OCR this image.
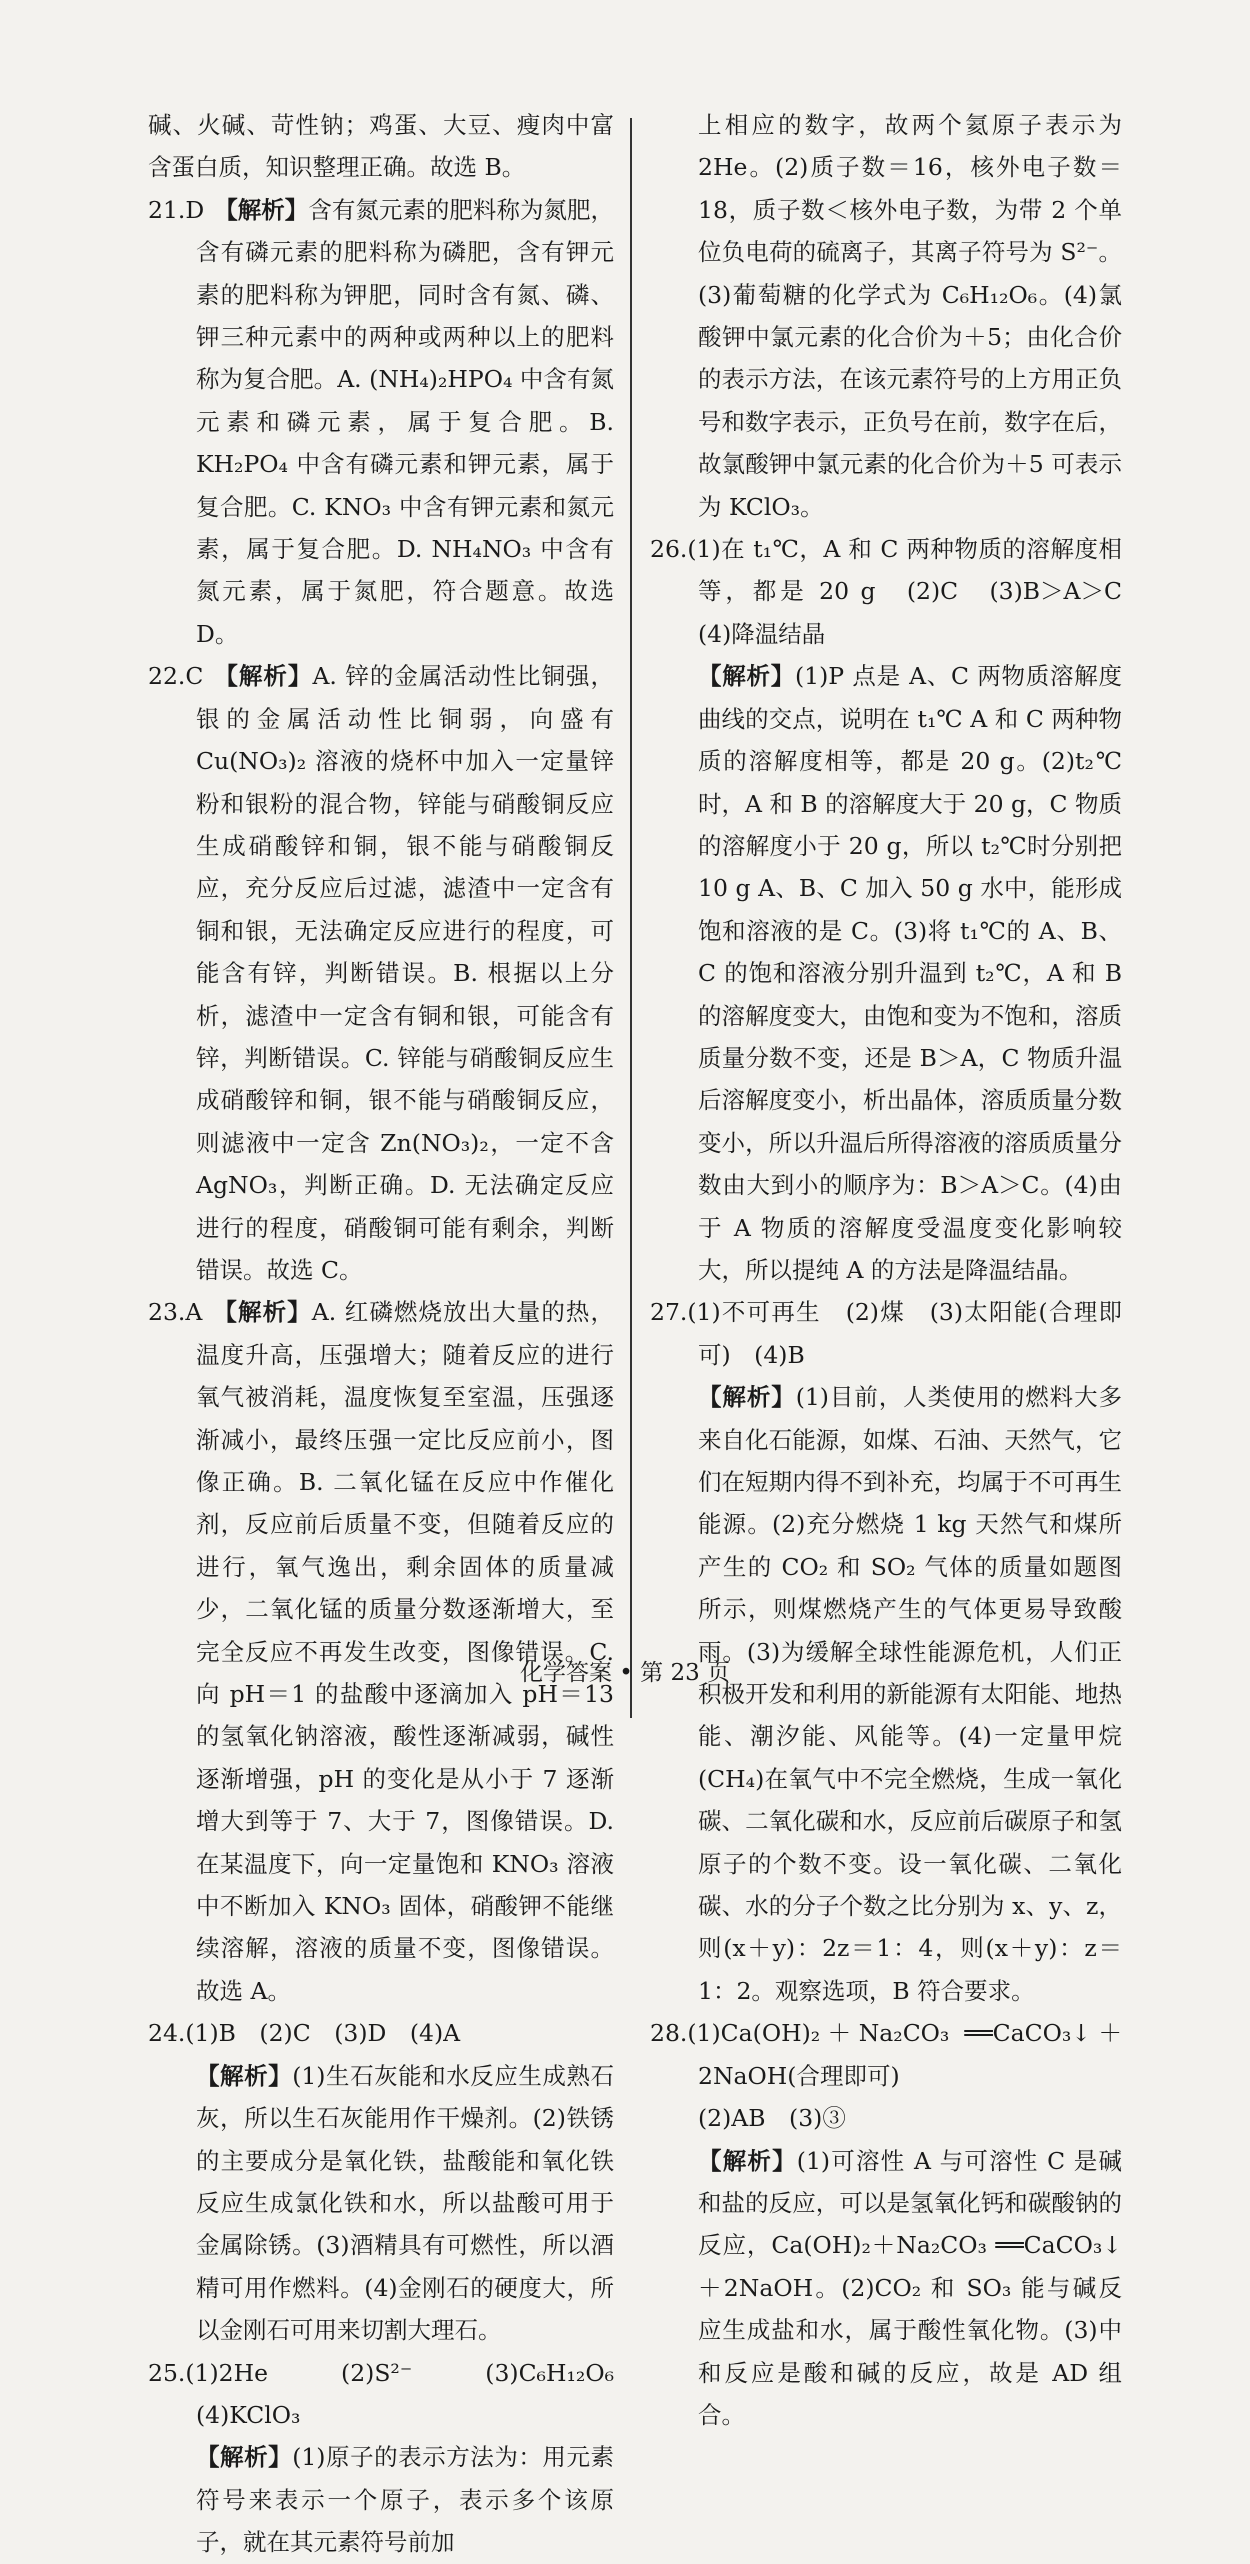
碱、火碱、苛性钠；鸡蛋、大豆、瘦肉中富含蛋白质，知识整理正确。故选 B。

21.D 【解析】含有氮元素的肥料称为氮肥，含有磷元素的肥料称为磷肥，含有钾元素的肥料称为钾肥，同时含有氮、磷、钾三种元素中的两种或两种以上的肥料称为复合肥。A. (NH₄)₂HPO₄ 中含有氮元素和磷元素，属于复合肥。B. KH₂PO₄ 中含有磷元素和钾元素，属于复合肥。C. KNO₃ 中含有钾元素和氮元素，属于复合肥。D. NH₄NO₃ 中含有氮元素，属于氮肥，符合题意。故选 D。
22.C 【解析】A. 锌的金属活动性比铜强，银的金属活动性比铜弱，向盛有 Cu(NO₃)₂ 溶液的烧杯中加入一定量锌粉和银粉的混合物，锌能与硝酸铜反应生成硝酸锌和铜，银不能与硝酸铜反应，充分反应后过滤，滤渣中一定含有铜和银，无法确定反应进行的程度，可能含有锌，判断错误。B. 根据以上分析，滤渣中一定含有铜和银，可能含有锌，判断错误。C. 锌能与硝酸铜反应生成硝酸锌和铜，银不能与硝酸铜反应，则滤液中一定含 Zn(NO₃)₂，一定不含 AgNO₃，判断正确。D. 无法确定反应进行的程度，硝酸铜可能有剩余，判断错误。故选 C。
23.A 【解析】A. 红磷燃烧放出大量的热，温度升高，压强增大；随着反应的进行氧气被消耗，温度恢复至室温，压强逐渐减小，最终压强一定比反应前小，图像正确。B. 二氧化锰在反应中作催化剂，反应前后质量不变，但随着反应的进行，氧气逸出，剩余固体的质量减少，二氧化锰的质量分数逐渐增大，至完全反应不再发生改变，图像错误。C. 向 pH＝1 的盐酸中逐滴加入 pH＝13 的氢氧化钠溶液，酸性逐渐减弱，碱性逐渐增强，pH 的变化是从小于 7 逐渐增大到等于 7、大于 7，图像错误。D. 在某温度下，向一定量饱和 KNO₃ 溶液中不断加入 KNO₃ 固体，硝酸钾不能继续溶解，溶液的质量不变，图像错误。故选 A。
24.(1)B　(2)C　(3)D　(4)A
【解析】(1)生石灰能和水反应生成熟石灰，所以生石灰能用作干燥剂。(2)铁锈的主要成分是氧化铁，盐酸能和氧化铁反应生成氯化铁和水，所以盐酸可用于金属除锈。(3)酒精具有可燃性，所以酒精可用作燃料。(4)金刚石的硬度大，所以金刚石可用来切割大理石。
25.(1)2He　(2)S²⁻　(3)C₆H₁₂O₆　(4)KClO₃
【解析】(1)原子的表示方法为：用元素符号来表示一个原子，表示多个该原子，就在其元素符号前加

上相应的数字，故两个氦原子表示为 2He。(2)质子数＝16，核外电子数＝18，质子数＜核外电子数，为带 2 个单位负电荷的硫离子，其离子符号为 S²⁻。(3)葡萄糖的化学式为 C₆H₁₂O₆。(4)氯酸钾中氯元素的化合价为＋5；由化合价的表示方法，在该元素符号的上方用正负号和数字表示，正负号在前，数字在后，故氯酸钾中氯元素的化合价为＋5 可表示为 KClO₃。

26.(1)在 t₁℃，A 和 C 两种物质的溶解度相等，都是 20 g　(2)C　(3)B＞A＞C　(4)降温结晶
【解析】(1)P 点是 A、C 两物质溶解度曲线的交点，说明在 t₁℃ A 和 C 两种物质的溶解度相等，都是 20 g。(2)t₂℃时，A 和 B 的溶解度大于 20 g，C 物质的溶解度小于 20 g，所以 t₂℃时分别把 10 g A、B、C 加入 50 g 水中，能形成饱和溶液的是 C。(3)将 t₁℃的 A、B、C 的饱和溶液分别升温到 t₂℃，A 和 B 的溶解度变大，由饱和变为不饱和，溶质质量分数不变，还是 B＞A，C 物质升温后溶解度变小，析出晶体，溶质质量分数变小，所以升温后所得溶液的溶质质量分数由大到小的顺序为：B＞A＞C。(4)由于 A 物质的溶解度受温度变化影响较大，所以提纯 A 的方法是降温结晶。
27.(1)不可再生　(2)煤　(3)太阳能(合理即可)　(4)B
【解析】(1)目前，人类使用的燃料大多来自化石能源，如煤、石油、天然气，它们在短期内得不到补充，均属于不可再生能源。(2)充分燃烧 1 kg 天然气和煤所产生的 CO₂ 和 SO₂ 气体的质量如题图所示，则煤燃烧产生的气体更易导致酸雨。(3)为缓解全球性能源危机，人们正积极开发和利用的新能源有太阳能、地热能、潮汐能、风能等。(4)一定量甲烷(CH₄)在氧气中不完全燃烧，生成一氧化碳、二氧化碳和水，反应前后碳原子和氢原子的个数不变。设一氧化碳、二氧化碳、水的分子个数之比分别为 x、y、z，则(x＋y)：2z＝1：4，则(x＋y)：z＝1：2。观察选项，B 符合要求。
28.(1)Ca(OH)₂＋Na₂CO₃ ══CaCO₃↓＋2NaOH(合理即可)
(2)AB　(3)③
【解析】(1)可溶性 A 与可溶性 C 是碱和盐的反应，可以是氢氧化钙和碳酸钠的反应，Ca(OH)₂＋Na₂CO₃ ══CaCO₃↓＋2NaOH。(2)CO₂ 和 SO₃ 能与碱反应生成盐和水，属于酸性氧化物。(3)中和反应是酸和碱的反应，故是 AD 组合。
化学答案 • 第 23 页
